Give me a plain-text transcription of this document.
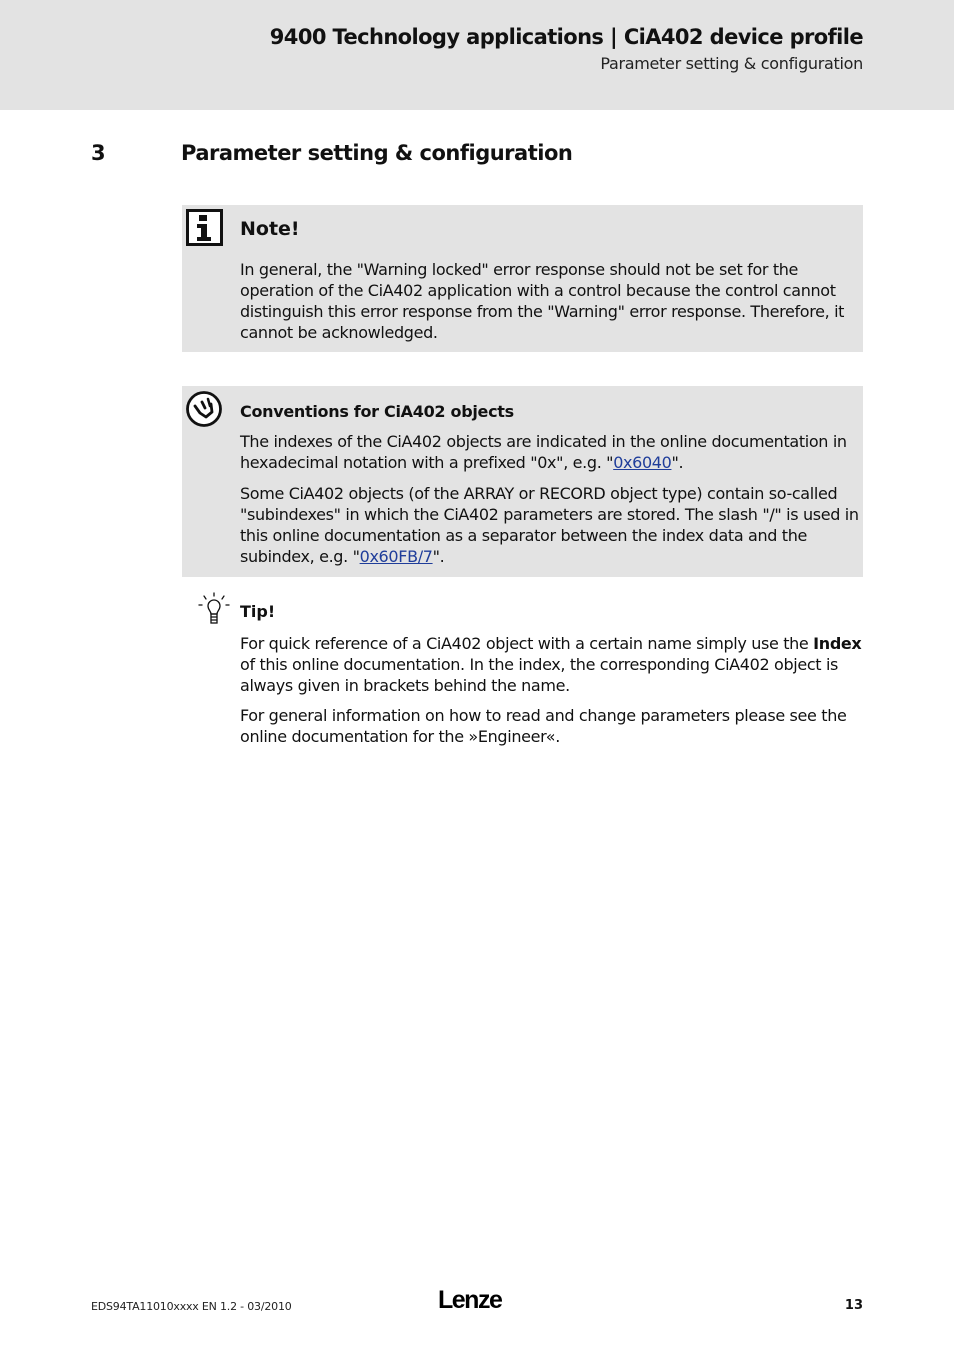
9400 Technology applications | CiA402 device profile
Parameter setting & configuration
3	Parameter setting & configuration
Note!
In general, the "Warning locked" error response should not be set for the operation of the CiA402 application with a control because the control cannot distinguish this error response from the "Warning" error response. Therefore, it cannot be acknowledged.
Conventions for CiA402 objects
The indexes of the CiA402 objects are indicated in the online documentation in hexadecimal notation with a prefixed "0x", e.g. "0x6040".
Some CiA402 objects (of the ARRAY or RECORD object type) contain so-called "subindexes" in which the CiA402 parameters are stored. The slash "/" is used in this online documentation as a separator between the index data and the subindex, e.g. "0x60FB/7".
Tip!
For quick reference of a CiA402 object with a certain name simply use the Index of this online documentation. In the index, the corresponding CiA402 object is always given in brackets behind the name.
For general information on how to read and change parameters please see the online documentation for the »Engineer«.
EDS94TA11010xxxx EN 1.2 - 03/2010	Lenze	13
